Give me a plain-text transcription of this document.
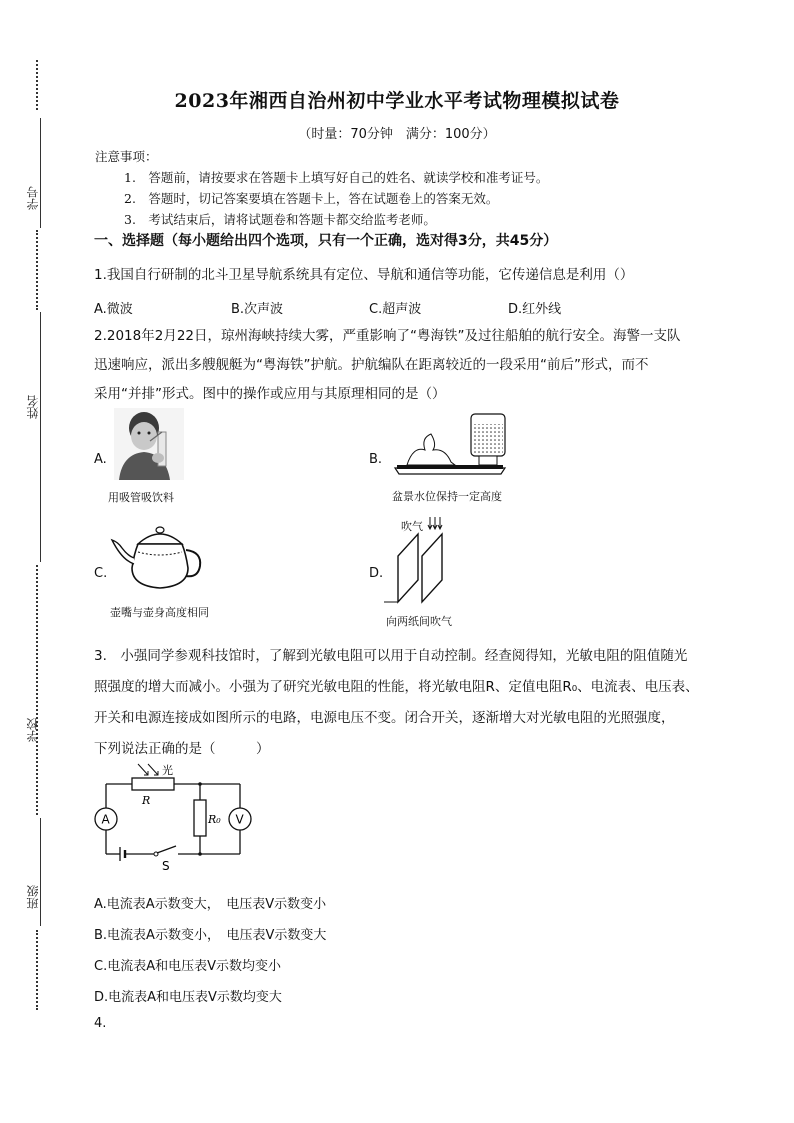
学号
姓名
学校
班级
2023年湘西自治州初中学业水平考试物理模拟试卷
（时量：70分钟　满分：100分）
注意事项：
1.　答题前，请按要求在答题卡上填写好自己的姓名、就读学校和准考证号。
2.　答题时，切记答案要填在答题卡上，答在试题卷上的答案无效。
3.　考试结束后，请将试题卷和答题卡都交给监考老师。
一、选择题（每小题给出四个选项，只有一个正确，选对得3分，共45分）
1.我国自行研制的北斗卫星导航系统具有定位、导航和通信等功能，它传递信息是利用（）
A.微波	B.次声波	C.超声波	D.红外线
2.2018年2月22日，琼州海峡持续大雾，严重影响了“粤海铁”及过往船舶的航行安全。海警一支队
迅速响应，派出多艘舰艇为“粤海铁”护航。护航编队在距离较近的一段采用“前后”形式，而不
采用“并排”形式。图中的操作或应用与其原理相同的是（）
A.
用吸管吸饮料
B.
盆景水位保持一定高度
C.
壶嘴与壶身高度相同
D.
吹气
向两纸间吹气
3.　小强同学参观科技馆时，了解到光敏电阻可以用于自动控制。经查阅得知，光敏电阻的阻值随光
照强度的增大而减小。小强为了研究光敏电阻的性能，将光敏电阻R、定值电阻R₀、电流表、电压表、
开关和电源连接成如图所示的电路，电源电压不变。闭合开关，逐渐增大对光敏电阻的光照强度，
下列说法正确的是（　　　）
光
R
A	R₀ V
S
A.电流表A示数变大，　电压表V示数变小
B.电流表A示数变小，　电压表V示数变大
C.电流表A和电压表V示数均变小
D.电流表A和电压表V示数均变大
4.
